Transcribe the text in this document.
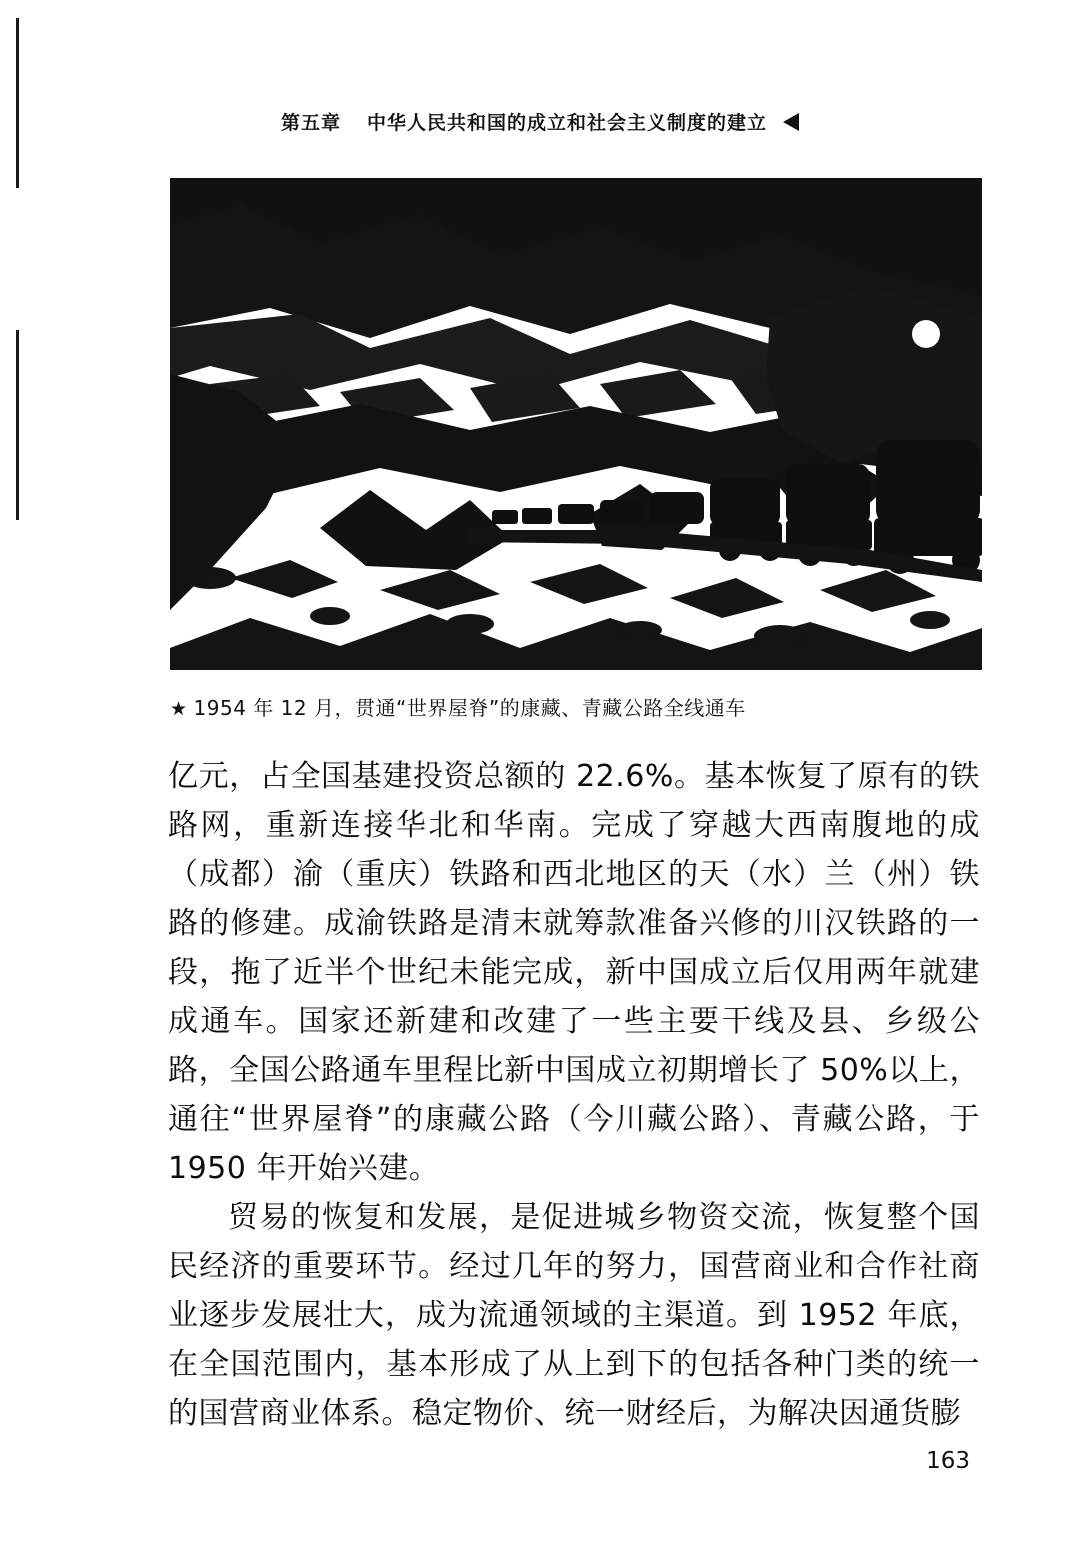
第五章 中华人民共和国的成立和社会主义制度的建立
★ 1954 年 12 月，贯通“世界屋脊”的康藏、青藏公路全线通车

亿元，占全国基建投资总额的 22.6%。基本恢复了原有的铁路网，重新连接华北和华南。完成了穿越大西南腹地的成（成都）渝（重庆）铁路和西北地区的天（水）兰（州）铁路的修建。成渝铁路是清末就筹款准备兴修的川汉铁路的一段，拖了近半个世纪未能完成，新中国成立后仅用两年就建成通车。国家还新建和改建了一些主要干线及县、乡级公路，全国公路通车里程比新中国成立初期增长了 50%以上，通往“世界屋脊”的康藏公路（今川藏公路）、青藏公路，于 1950 年开始兴建。

贸易的恢复和发展，是促进城乡物资交流，恢复整个国民经济的重要环节。经过几年的努力，国营商业和合作社商业逐步发展壮大，成为流通领域的主渠道。到 1952 年底，在全国范围内，基本形成了从上到下的包括各种门类的统一的国营商业体系。稳定物价、统一财经后，为解决因通货膨

163
